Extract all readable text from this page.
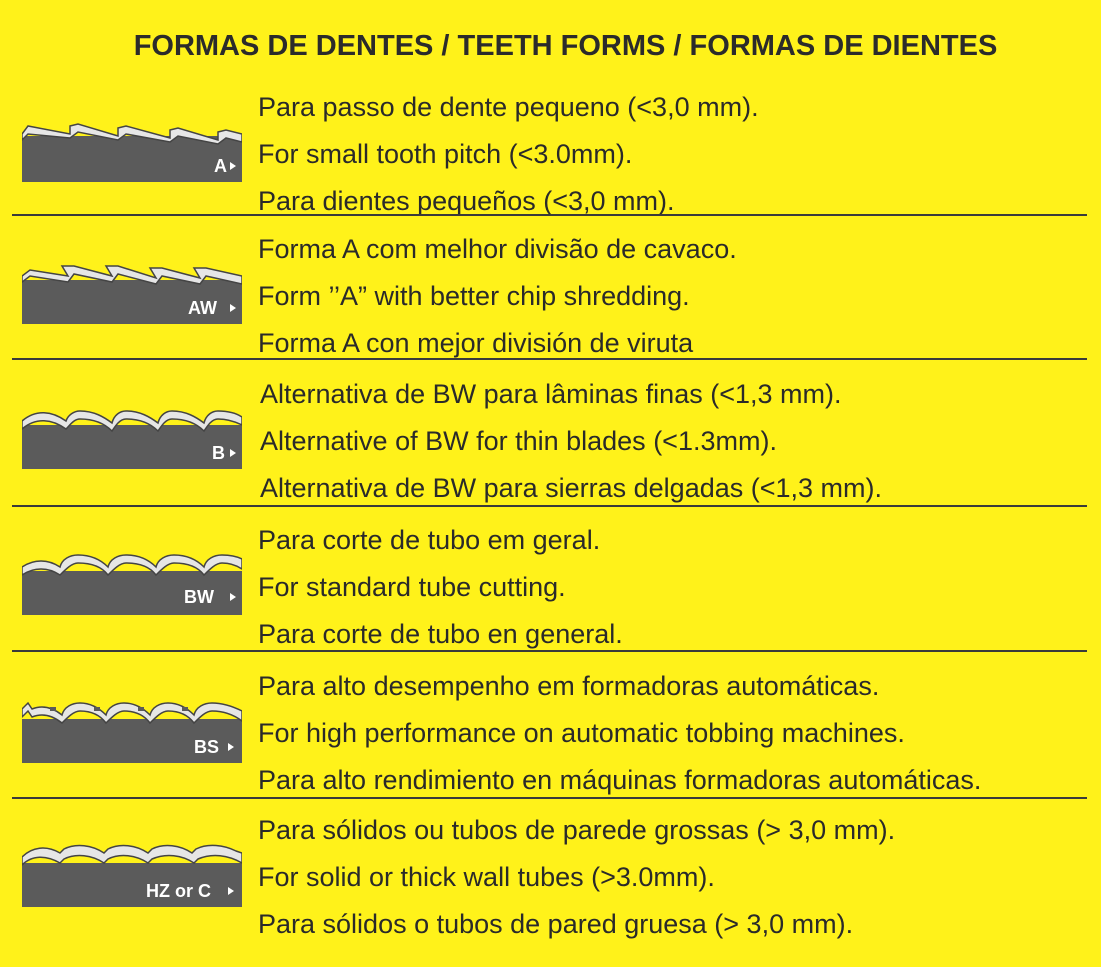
FORMAS DE DENTES / TEETH FORMS / FORMAS DE DIENTES
A
Para passo de dente pequeno (<3,0 mm).
For small tooth pitch (<3.0mm).
Para dientes pequeños (<3,0 mm).
AW
Forma A com melhor divisão de cavaco.
Form ’’A” with better chip shredding.
Forma A con mejor división de viruta
B
Alternativa de BW para lâminas finas (<1,3 mm).
Alternative of BW for thin blades (<1.3mm).
Alternativa de BW para sierras delgadas (<1,3 mm).
BW
Para corte de tubo em geral.
For standard tube cutting.
Para corte de tubo en general.
BS
Para alto desempenho em formadoras automáticas.
For high performance on automatic tobbing machines.
Para alto rendimiento en máquinas formadoras automáticas.
HZ or C
Para sólidos ou tubos de parede grossas (> 3,0 mm).
For solid or thick wall tubes (>3.0mm).
Para sólidos o tubos de pared gruesa (> 3,0 mm).
